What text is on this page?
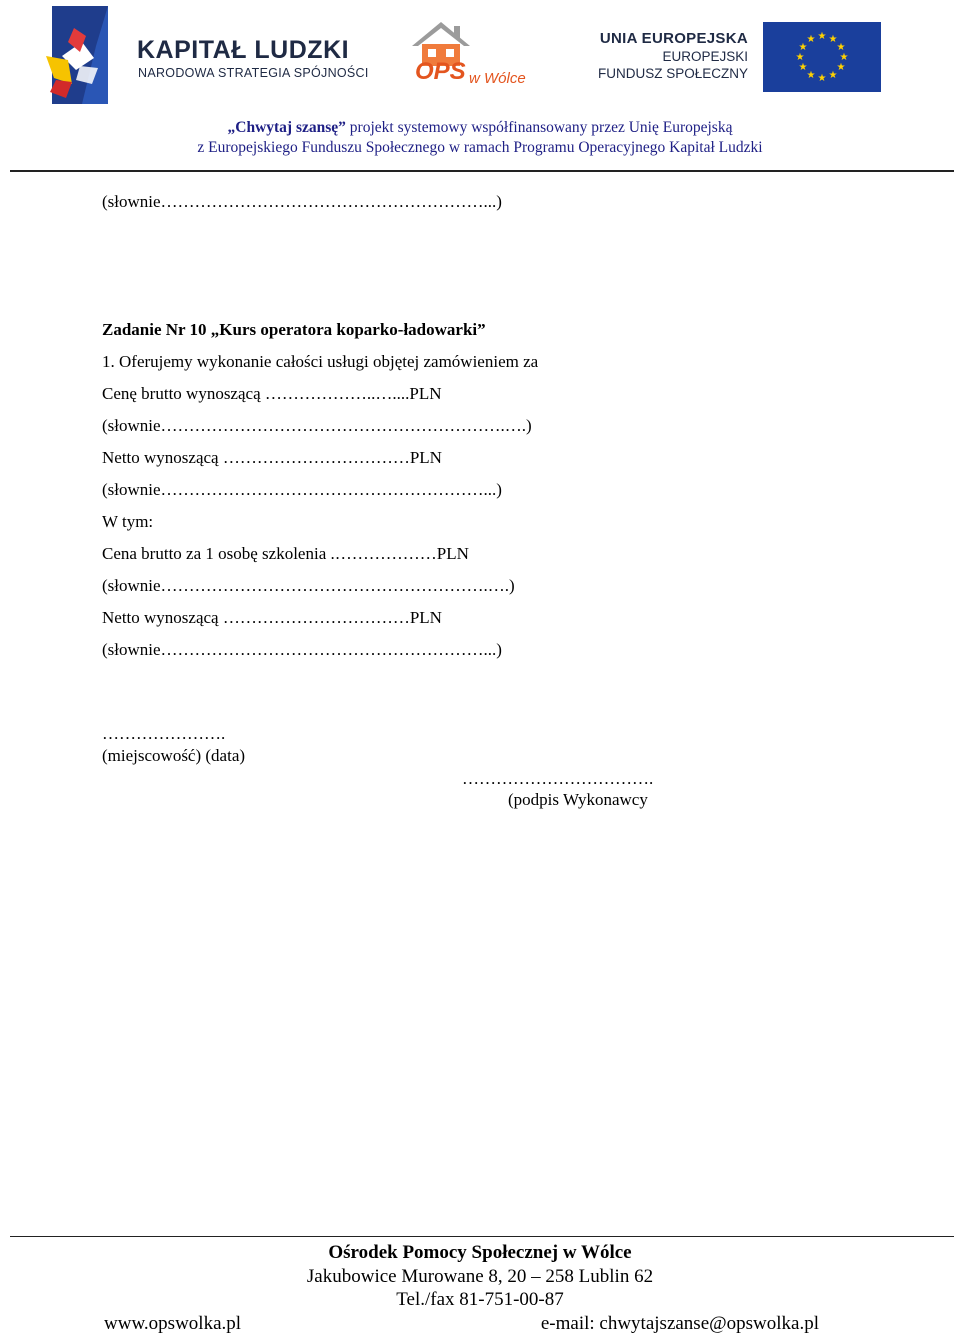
KAPITAŁ LUDZKI
NARODOWA STRATEGIA SPÓJNOŚCI OPS w Wólce
UNIA EUROPEJSKA
EUROPEJSKI
FUNDUSZ SPOŁECZNY
★ ★
★
★
★
★
★
★
★
★
★
★
„Chwytaj szansę” projekt systemowy współfinansowany przez Unię Europejską
z Europejskiego Funduszu Społecznego w ramach Programu Operacyjnego Kapitał Ludzki
(słownie…………………………………………………...)
Zadanie Nr 10 „Kurs operatora koparko-ładowarki”
1. Oferujemy wykonanie całości usługi objętej zamówieniem za
Cenę brutto wynoszącą ………………..…....PLN
(słownie…………………………………………………….….)
Netto wynoszącą ……………………………PLN
(słownie…………………………………………………...)
W tym:
Cena brutto za 1 osobę szkolenia .………………PLN
(słownie………………………………………………….….)
Netto wynoszącą ……………………………PLN
(słownie…………………………………………………...)
………………….
(miejscowość) (data)
…………………………….
(podpis Wykonawcy
Ośrodek Pomocy Społecznej w Wólce
Jakubowice Murowane 8, 20 – 258 Lublin 62
Tel./fax 81-751-00-87
www.opswolka.pl	e-mail: chwytajszanse@opswolka.pl
